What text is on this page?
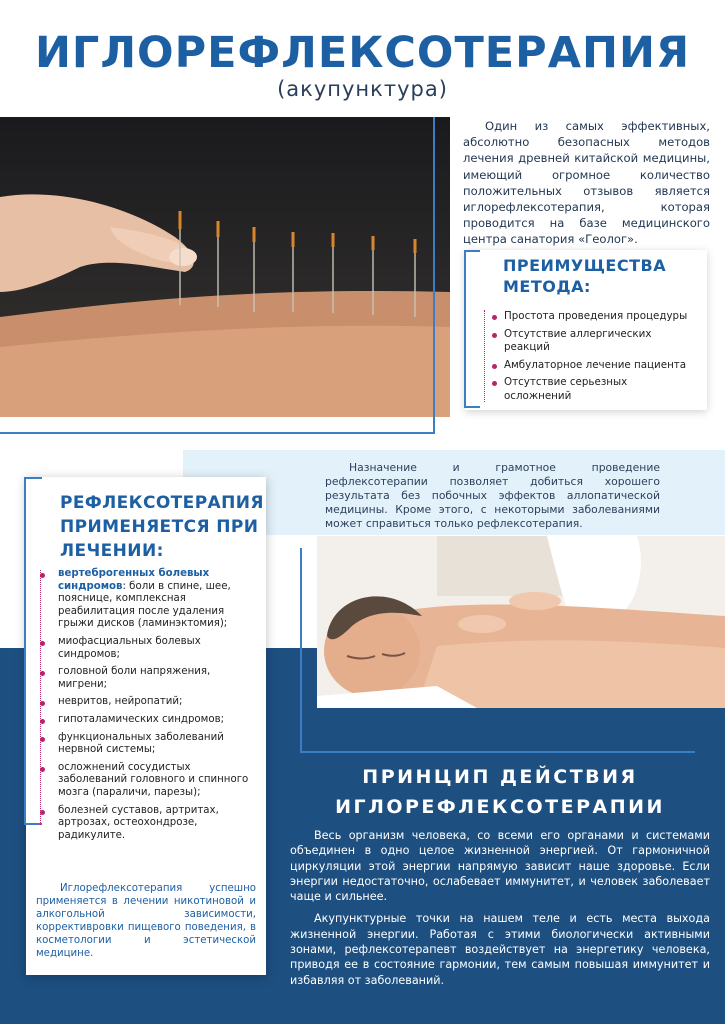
ИГЛОРЕФЛЕКСОТЕРАПИЯ
(акупунктура)
Один из самых эффективных, абсолютно безопасных методов лечения древней китайской медицины, имеющий огромное количество положительных отзывов является иглорефлексотерапия, которая проводится на базе медицинского центра санатория «Геолог».
ПРЕИМУЩЕСТВА
МЕТОДА:
Простота проведения процедуры
Отсутствие аллергических реакций
Амбулаторное лечение пациента
Отсутствие серьезных осложнений
Назначение и грамотное проведение рефлексотерапии позволяет добиться хорошего результата без побочных эффектов аллопатической медицины. Кроме этого, с некоторыми заболеваниями может справиться только рефлексотерапия.
РЕФЛЕКСОТЕРАПИЯ
ПРИМЕНЯЕТСЯ ПРИ
ЛЕЧЕНИИ:
вертеброгенных болевых синдромов: боли в спине, шее, пояснице, комплексная реабилитация после удаления грыжи дисков (ламинэктомия);
миофасциальных болевых синдромов;
головной боли напряжения, мигрени;
невритов, нейропатий;
гипоталамических синдромов;
функциональных заболеваний нервной системы;
осложнений сосудистых заболеваний головного и спинного мозга (параличи, парезы);
болезней суставов, артритах, артрозах, остеохондрозе, радикулите.
Иглорефлексотерапия успешно применяется в лечении никотиновой и алкогольной зависимости, коррективровки пищевого поведения, в косметологии и эстетической медицине.
ПРИНЦИП ДЕЙСТВИЯ
ИГЛОРЕФЛЕКСОТЕРАПИИ

Весь организм человека, со всеми его органами и системами объединен в одно целое жизненной энергией. От гармоничной циркуляции этой энергии напрямую зависит наше здоровье. Если энергии недостаточно, ослабевает иммунитет, и человек заболевает чаще и сильнее.

Акупунктурные точки на нашем теле и есть места выхода жизненной энергии. Работая с этими биологически активными зонами, рефлексотерапевт воздействует на энергетику человека, приводя ее в состояние гармонии, тем самым повышая иммунитет и избавляя от заболеваний.
